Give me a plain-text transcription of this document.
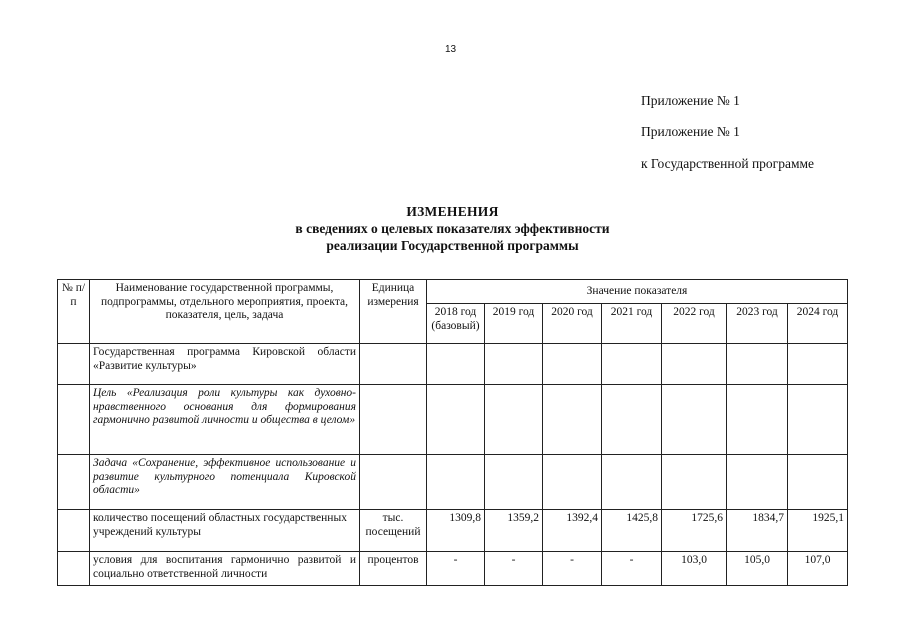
13
Приложение № 1
Приложение № 1
к Государственной программе
ИЗМЕНЕНИЯ
в сведениях о целевых показателях эффективности
реализации Государственной программы
№ п/п	Наименование государственной программы, подпрограммы, отдельного мероприятия, проекта, показателя, цель, задача	Единица измерения	Значение показателя						
			2018 год (базовый)	2019 год	2020 год	2021 год	2022 год	2023 год	2024 год
	Государственная программа Кировской области «Развитие культуры»								
	Цель «Реализация роли культуры как духовно-нравственного основания для формирования гармонично развитой личности и общества в целом»								
	Задача «Сохранение, эффективное использование и развитие культурного потенциала Кировской области»								
	количество посещений областных государственных учреждений культуры	тыс. посещений	1309,8	1359,2	1392,4	1425,8	1725,6	1834,7	1925,1
	условия для воспитания гармонично развитой и социально ответственной личности	процентов	-	-	-	-	103,0	105,0	107,0
